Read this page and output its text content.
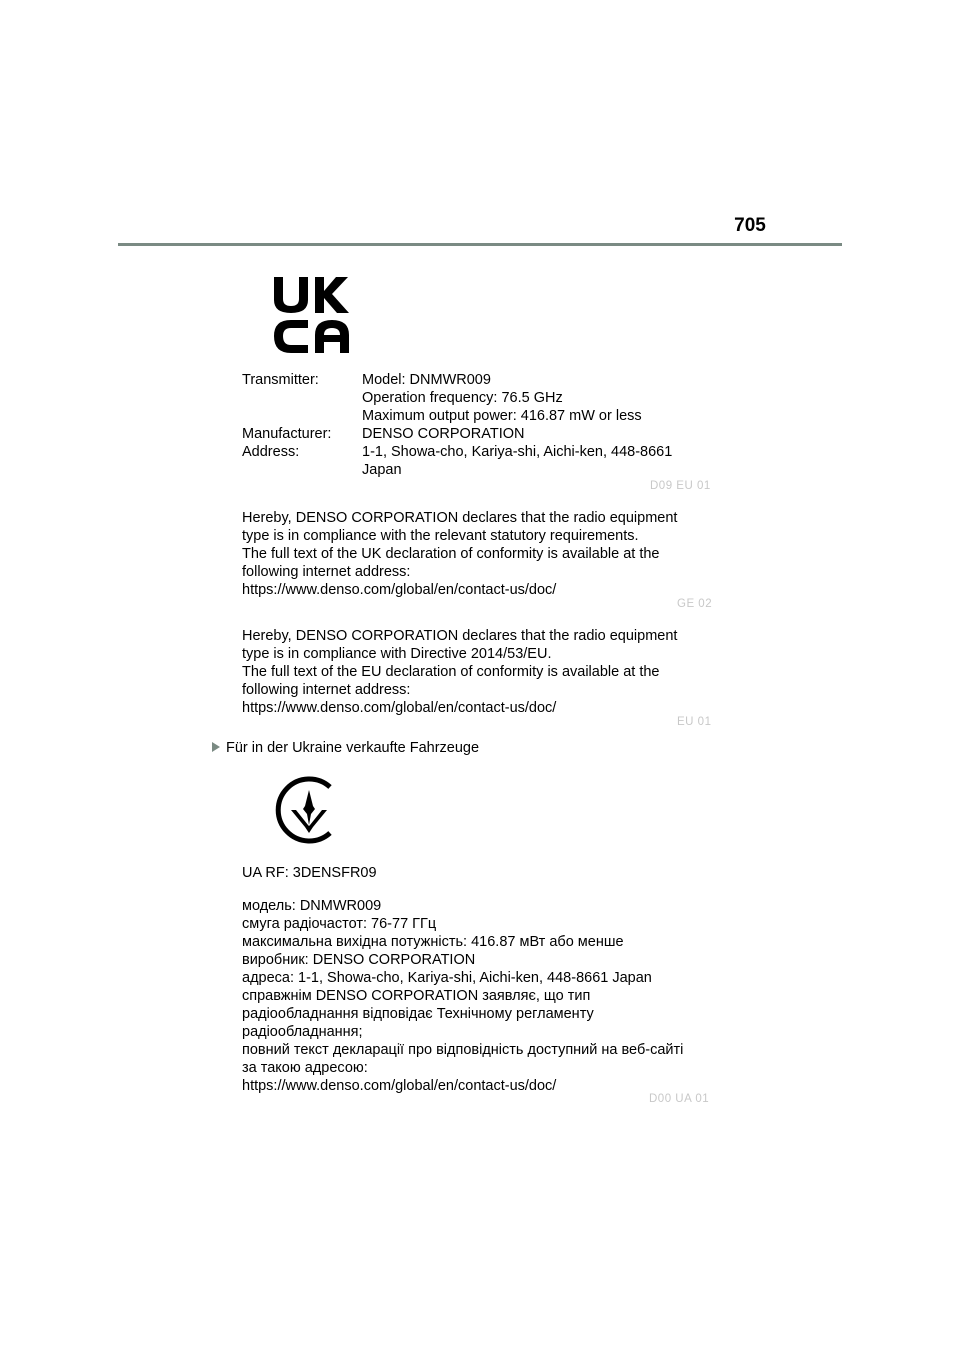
705
Transmitter:	Model: DNMWR009
Operation frequency: 76.5 GHz
Maximum output power: 416.87 mW or less

Manufacturer:	DENSO CORPORATION

Address:	1-1, Showa-cho, Kariya-shi, Aichi-ken, 448-8661
Japan
D09 EU 01
Hereby, DENSO CORPORATION declares that the radio equipment
type is in compliance with the relevant statutory requirements.
The full text of the UK declaration of conformity is available at the
following internet address:
https://www.denso.com/global/en/contact-us/doc/
GE 02
Hereby, DENSO CORPORATION declares that the radio equipment
type is in compliance with Directive 2014/53/EU.
The full text of the EU declaration of conformity is available at the
following internet address:
https://www.denso.com/global/en/contact-us/doc/
EU 01
Für in der Ukraine verkaufte Fahrzeuge
UA RF: 3DENSFR09
модель: DNMWR009
смуга радіочастот: 76-77 ГГц
максимальна вихідна потужність: 416.87 мВт або менше
виробник: DENSO CORPORATION
адреса: 1-1, Showa-cho, Kariya-shi, Aichi-ken, 448-8661 Japan
справжнім DENSO CORPORATION заявляє, що тип
радіообладнання відповідає Технічному регламенту
радіообладнання;
повний текст декларації про відповідність доступний на веб-сайті
за такою адресою:
https://www.denso.com/global/en/contact-us/doc/
D00 UA 01
